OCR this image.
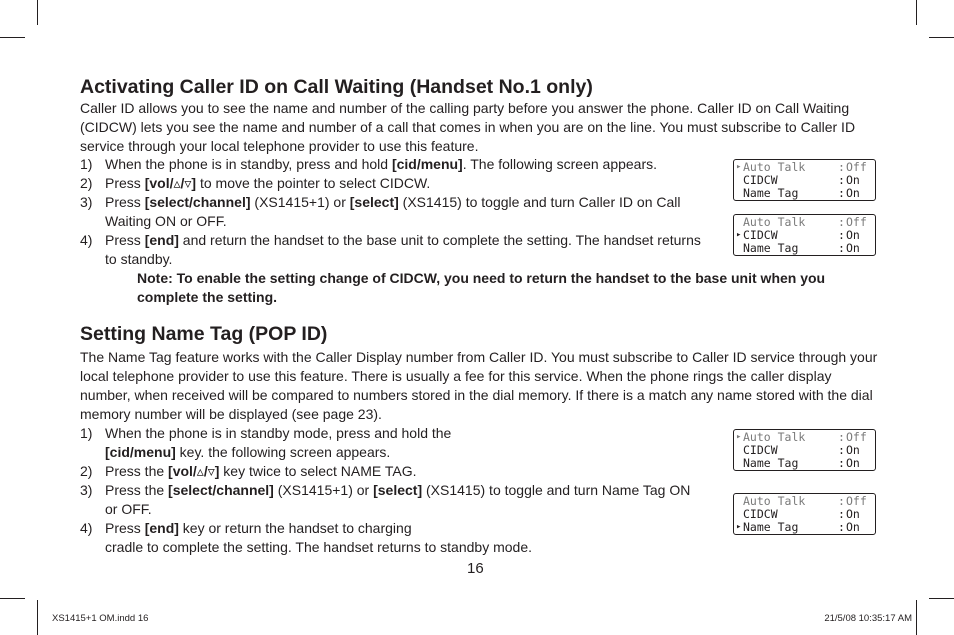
Activating Caller ID on Call Waiting (Handset No.1 only)

Caller ID allows you to see the name and number of the calling party before you answer the phone. Caller ID on Call Waiting (CIDCW) lets you see the name and number of a call that comes in when you are on the line. You must subscribe to Caller ID service through your local telephone provider to use this feature.

1) When the phone is in standby, press and hold [cid/menu]. The following screen appears.
2) Press [vol/▵/▿] to move the pointer to select CIDCW.
3) Press [select/channel] (XS1415+1) or [select] (XS1415) to toggle and turn Caller ID on Call Waiting ON or OFF.
4) Press [end] and return the handset to the base unit to complete the setting. The handset returns to standby.

Note: To enable the setting change of CIDCW, you need to return the handset to the base unit when you complete the setting.

Setting Name Tag (POP ID)

The Name Tag feature works with the Caller Display number from Caller ID. You must subscribe to Caller ID service through your local telephone provider to use this feature. There is usually a fee for this service. When the phone rings the caller display number, when received will be compared to numbers stored in the dial memory. If there is a match any name stored with the dial memory number will be displayed (see page 23).

1) When the phone is in standby mode, press and hold the
[cid/menu] key. the following screen appears.
2) Press the [vol/▵/▿] key twice to select NAME TAG.
3) Press the [select/channel] (XS1415+1) or [select] (XS1415) to toggle and turn Name Tag ON or OFF.
4) Press [end] key or return the handset to charging
cradle to complete the setting. The handset returns to standby mode.
▸ Auto Talk	: Off
CIDCW	: On
Name Tag	: On
Auto Talk	: Off
▸ CIDCW	: On
Name Tag	: On
▸ Auto Talk	: Off
CIDCW	: On
Name Tag	: On
Auto Talk	: Off
CIDCW	: On
▸ Name Tag	: On
16
XS1415+1 OM.indd 16	21/5/08 10:35:17 AM
